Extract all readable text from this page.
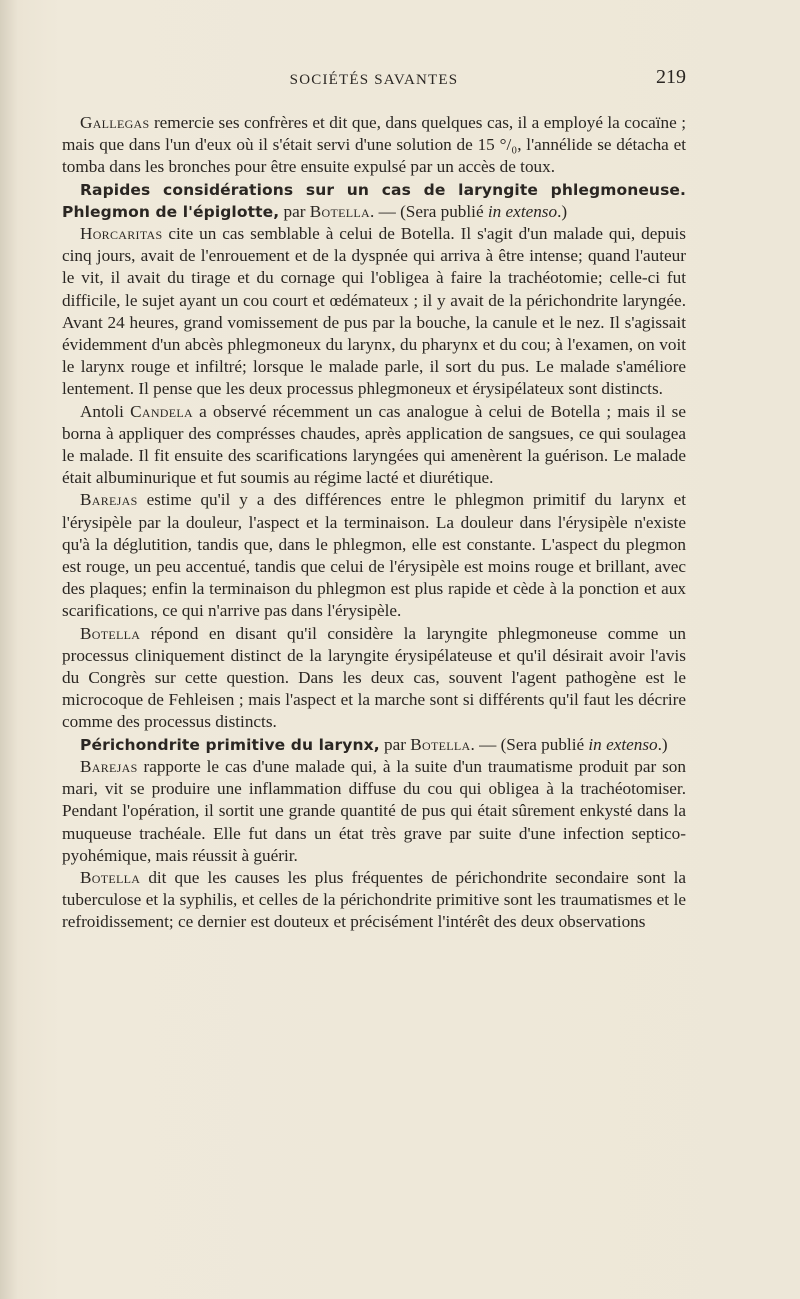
SOCIÉTÉS SAVANTES	219

Gallegas remercie ses confrères et dit que, dans quelques cas, il a employé la cocaïne ; mais que dans l'un d'eux où il s'était servi d'une solution de 15 °/₀, l'annélide se détacha et tomba dans les bronches pour être ensuite expulsé par un accès de toux.

Rapides considérations sur un cas de laryngite phlegmoneuse. Phlegmon de l'épiglotte, par Botella. — (Sera publié in extenso.)

Horcaritas cite un cas semblable à celui de Botella. Il s'agit d'un malade qui, depuis cinq jours, avait de l'enrouement et de la dyspnée qui arriva à être intense; quand l'auteur le vit, il avait du tirage et du cornage qui l'obligea à faire la trachéotomie; celle-ci fut difficile, le sujet ayant un cou court et œdémateux ; il y avait de la périchondrite laryngée. Avant 24 heures, grand vomissement de pus par la bouche, la canule et le nez. Il s'agissait évidemment d'un abcès phlegmoneux du larynx, du pharynx et du cou; à l'examen, on voit le larynx rouge et infiltré; lorsque le malade parle, il sort du pus. Le malade s'améliore lentement. Il pense que les deux processus phlegmoneux et érysipélateux sont distincts.

Antoli Candela a observé récemment un cas analogue à celui de Botella ; mais il se borna à appliquer des comprésses chaudes, après application de sangsues, ce qui soulagea le malade. Il fit ensuite des scarifications laryngées qui amenèrent la guérison. Le malade était albuminurique et fut soumis au régime lacté et diurétique.

Barejas estime qu'il y a des différences entre le phlegmon primitif du larynx et l'érysipèle par la douleur, l'aspect et la terminaison. La douleur dans l'érysipèle n'existe qu'à la déglutition, tandis que, dans le phlegmon, elle est constante. L'aspect du plegmon est rouge, un peu accentué, tandis que celui de l'érysipèle est moins rouge et brillant, avec des plaques; enfin la terminaison du phlegmon est plus rapide et cède à la ponction et aux scarifications, ce qui n'arrive pas dans l'érysipèle.

Botella répond en disant qu'il considère la laryngite phlegmoneuse comme un processus cliniquement distinct de la laryngite érysipélateuse et qu'il désirait avoir l'avis du Congrès sur cette question. Dans les deux cas, souvent l'agent pathogène est le microcoque de Fehleisen ; mais l'aspect et la marche sont si différents qu'il faut les décrire comme des processus distincts.

Périchondrite primitive du larynx, par Botella. — (Sera publié in extenso.)

Barejas rapporte le cas d'une malade qui, à la suite d'un traumatisme produit par son mari, vit se produire une inflammation diffuse du cou qui obligea à la trachéotomiser. Pendant l'opération, il sortit une grande quantité de pus qui était sûrement enkysté dans la muqueuse trachéale. Elle fut dans un état très grave par suite d'une infection septico-pyohémique, mais réussit à guérir.

Botella dit que les causes les plus fréquentes de périchondrite secondaire sont la tuberculose et la syphilis, et celles de la périchondrite primitive sont les traumatismes et le refroidissement; ce dernier est douteux et précisément l'intérêt des deux observations
